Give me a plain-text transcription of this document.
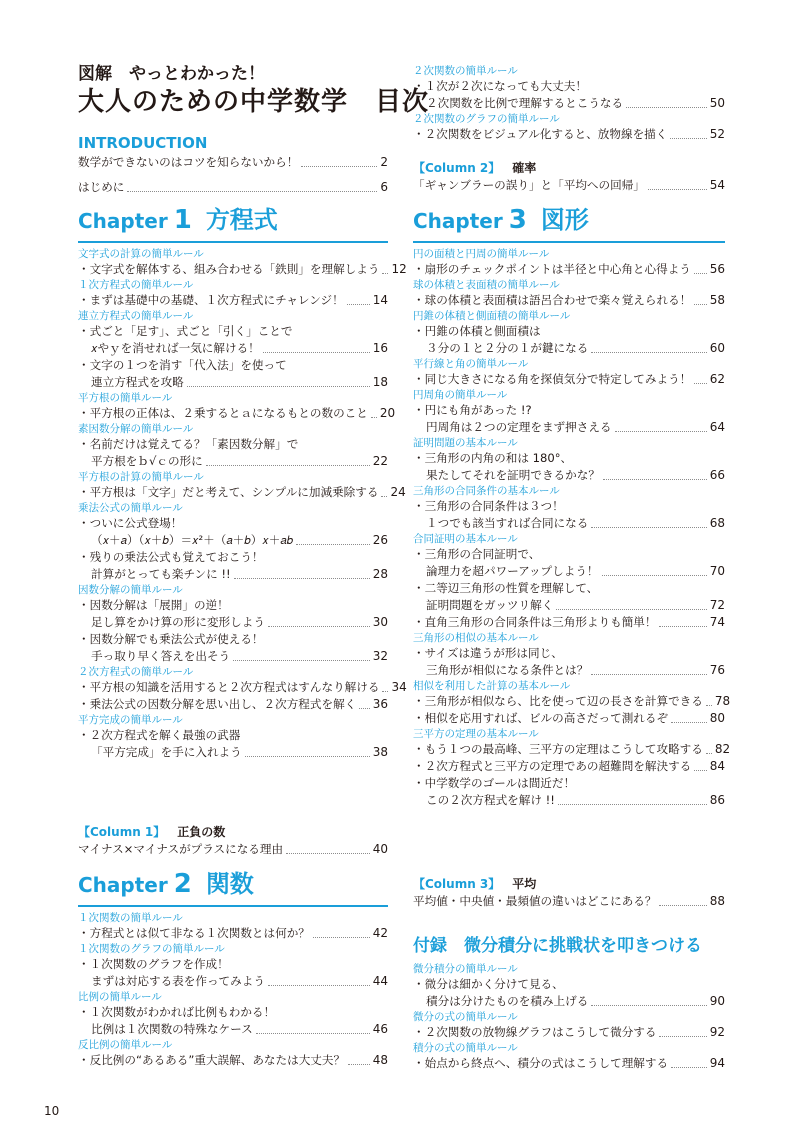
図解　やっとわかった！
大人のための中学数学　目次
INTRODUCTION
数学ができないのはコツを知らないから！	2
はじめに	6
Chapter 1 方程式
文字式の計算の簡単ルール
・文字式を解体する、組み合わせる「鉄則」を理解しよう 12
１次方程式の簡単ルール
・まずは基礎中の基礎、１次方程式にチャレンジ！ 14
連立方程式の簡単ルール
・式ごと「足す」、式ごと「引く」ことで
𝑥やｙを消せれば一気に解ける！	16
・文字の１つを消す「代入法」を使って
連立方程式を攻略	18
平方根の簡単ルール
・平方根の正体は、２乗するとａになるもとの数のこと 20
素因数分解の簡単ルール
・名前だけは覚えてる？「素因数分解」で
平方根をｂ√ｃの形に	22
平方根の計算の簡単ルール
・平方根は「文字」だと考えて、シンプルに加減乗除する 24
乗法公式の簡単ルール
・ついに公式登場！
（𝑥＋𝑎）（𝑥＋𝑏）＝𝑥²＋（𝑎＋𝑏）𝑥＋𝑎𝑏	26
・残りの乗法公式も覚えておこう！
計算がとっても楽チンに !!	28
因数分解の簡単ルール
・因数分解は「展開」の逆！
足し算をかけ算の形に変形しよう	30
・因数分解でも乗法公式が使える！
手っ取り早く答えを出そう	32
２次方程式の簡単ルール
・平方根の知識を活用すると２次方程式はすんなり解ける 34
・乗法公式の因数分解を思い出し、２次方程式を解く 36
平方完成の簡単ルール
・２次方程式を解く最強の武器
「平方完成」を手に入れよう	38
【Column 1】 正負の数
マイナス×マイナスがプラスになる理由	40
Chapter 2 関数
１次関数の簡単ルール
・方程式とは似て非なる１次関数とは何か？	42
１次関数のグラフの簡単ルール
・１次関数のグラフを作成！
まずは対応する表を作ってみよう	44
比例の簡単ルール
・１次関数がわかれば比例もわかる！
比例は１次関数の特殊なケース	46
反比例の簡単ルール
・反比例の“あるある”重大誤解、あなたは大丈夫？ 48
２次関数の簡単ルール
・１次が２次になっても大丈夫！
２次関数を比例で理解するとこうなる	50
２次関数のグラフの簡単ルール
・２次関数をビジュアル化すると、放物線を描く	52
【Column 2】 確率
「ギャンブラーの誤り」と「平均への回帰」	54
Chapter 3 図形
円の面積と円周の簡単ルール
・扇形のチェックポイントは半径と中心角と心得よう 56
球の体積と表面積の簡単ルール
・球の体積と表面積は語呂合わせで楽々覚えられる！ 58
円錐の体積と側面積の簡単ルール
・円錐の体積と側面積は
３分の１と２分の１が鍵になる	60
平行線と角の簡単ルール
・同じ大きさになる角を探偵気分で特定してみよう！ 62
円周角の簡単ルール
・円にも角があった !?
円周角は２つの定理をまず押さえる	64
証明問題の基本ルール
・三角形の内角の和は 180°、
果たしてそれを証明できるかな？	66
三角形の合同条件の基本ルール
・三角形の合同条件は３つ！
１つでも該当すれば合同になる	68
合同証明の基本ルール
・三角形の合同証明で、
論理力を超パワーアップしよう！	70
・二等辺三角形の性質を理解して、
証明問題をガッツリ解く	72
・直角三角形の合同条件は三角形よりも簡単！	74
三角形の相似の基本ルール
・サイズは違うが形は同じ、
三角形が相似になる条件とは？	76
相似を利用した計算の基本ルール
・三角形が相似なら、比を使って辺の長さを計算できる 78
・相似を応用すれば、ビルの高さだって測れるぞ	80
三平方の定理の基本ルール
・もう１つの最高峰、三平方の定理はこうして攻略する 82
・２次方程式と三平方の定理であの超難問を解決する 84
・中学数学のゴールは間近だ！
この２次方程式を解け !!	86
【Column 3】 平均
平均値・中央値・最頻値の違いはどこにある？	88
付録　微分積分に挑戦状を叩きつける
微分積分の簡単ルール
・微分は細かく分けて見る、
積分は分けたものを積み上げる	90
微分の式の簡単ルール
・２次関数の放物線グラフはこうして微分する	92
積分の式の簡単ルール
・始点から終点へ、積分の式はこうして理解する	94
10
